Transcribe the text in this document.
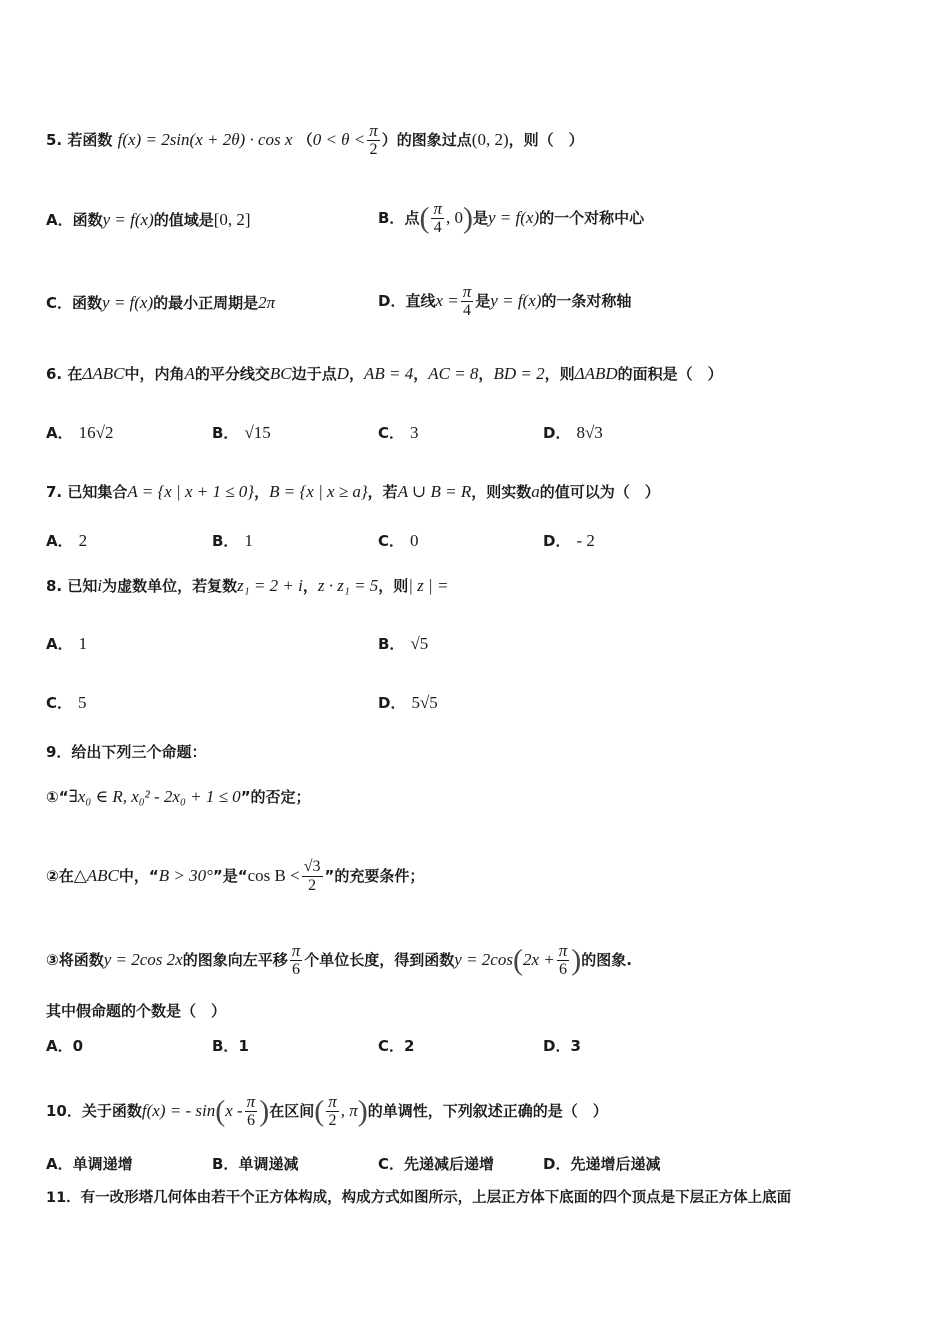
5. 若函数 f(x) = 2sin(x + 2θ) · cos x （$0 < \theta < \frac{\pi}{2}$ ）的图象过点(0, 2)，则（　）
A．函数y = f(x)的值域是[0, 2]	B．点( $\frac{\pi}{4}$ , 0)是y = f(x)的一个对称中心
C．函数y = f(x)的最小正周期是2π	D．直线$x = \frac{\pi}{4}$ 是y = f(x)的一条对称轴
6. 在ΔABC中，内角A的平分线交BC边于点D，AB = 4，AC = 8，BD = 2，则ΔABD的面积是（　）
A． 16√2	B． √15	C． 3	D． 8√3
7. 已知集合A = {x | x + 1 ≤ 0}，B = {x | x ≥ a}，若A ∪ B = R，则实数a的值可以为（　）
A． 2	B． 1	C． 0	D． - 2
8. 已知i为虚数单位，若复数z₁ = 2 + i，z · z₁ = 5，则| z | =
A． 1	B． √5
C． 5	D． 5√5
9．给出下列三个命题：
①“∃x₀ ∈ R, x₀² - 2x₀ + 1 ≤ 0”的否定；
②在△ABC中，“B > 30°”是“cos $B < \frac{√3}{2}$ ”的充要条件；
③将函数y = 2cos 2x的图象向左平移 $\frac{\pi}{6}$ 个单位长度，得到函数$y = 2\cos(2x + \frac{\pi}{6}$ )的图象.
其中假命题的个数是（　）
A．0	B．1	C．2	D．3
10．关于函数f(x) = - $\sin(x - \frac{\pi}{6}$ )在区间( $\frac{\pi}{2}$ , π)的单调性，下列叙述正确的是（　）
A．单调递增	B．单调递减	C．先递减后递增	D．先递增后递减
11．有一改形塔几何体由若干个正方体构成，构成方式如图所示，上层正方体下底面的四个顶点是下层正方体上底面
